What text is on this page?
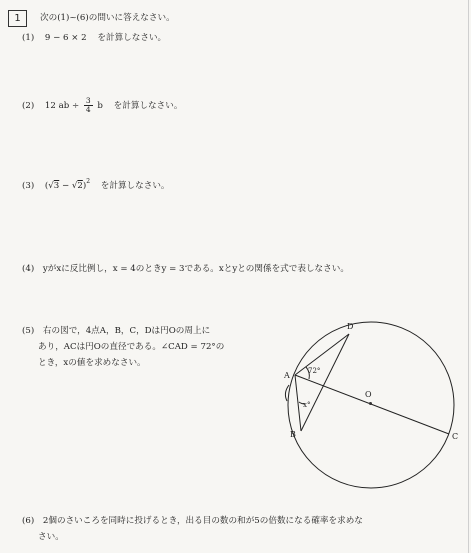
1	次の(1)~(6)の問いに答えなさい。
(1) 9 − 6 × 2 を計算しなさい。
(2) 12 ab ÷ $\frac{3}{4}$ b を計算しなさい。
(3) $(√3 - √2)^2$ を計算しなさい。
(4) yがxに反比例し，x = 4のときy = 3である。xとyとの関係を式で表しなさい。
(5) 右の図で，4点A，B，C，Dは円Oの周上に
あり，ACは円Oの直径である。∠CAD = 72°の
とき，xの値を求めなさい。
D
A
B	C
O
72°
x°
(6) 2個のさいころを同時に投げるとき，出る目の数の和が5の倍数になる確率を求めな
さい。
